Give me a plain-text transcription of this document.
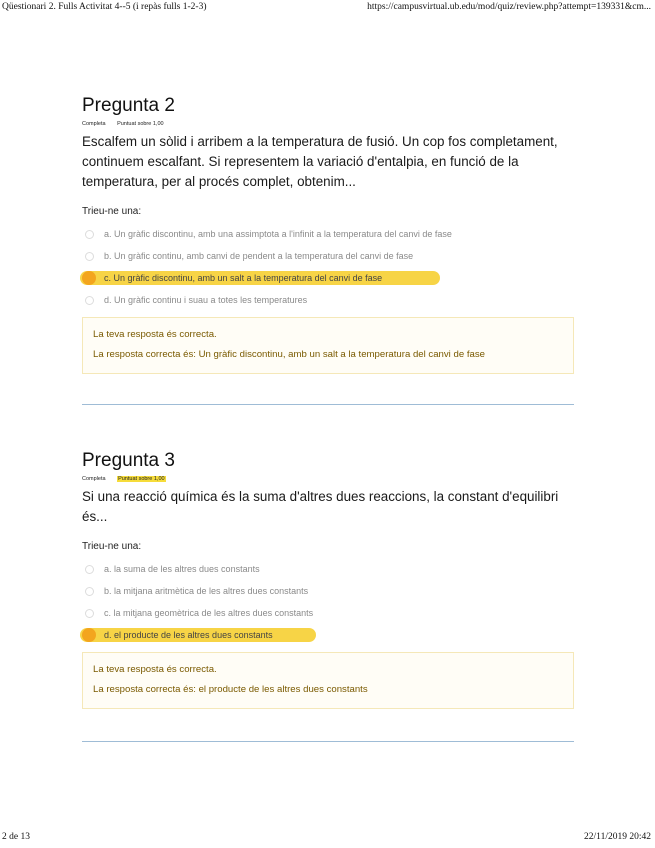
Qüestionari 2. Fulls Activitat 4--5 (i repàs fulls 1-2-3)	https://campusvirtual.ub.edu/mod/quiz/review.php?attempt=139331&cm...
Pregunta 2
Completa Puntuat sobre 1,00
Escalfem un sòlid i arribem a la temperatura de fusió. Un cop fos completament, continuem escalfant. Si representem la variació d'entalpia, en funció de la temperatura, per al procés complet, obtenim...
Trieu-ne una:
a. Un gràfic discontinu, amb una assimptota a l'infinit a la temperatura del canvi de fase
b. Un gràfic continu, amb canvi de pendent a la temperatura del canvi de fase
c. Un gràfic discontinu, amb un salt a la temperatura del canvi de fase
d. Un gràfic continu i suau a totes les temperatures
La teva resposta és correcta.
La resposta correcta és: Un gràfic discontinu, amb un salt a la temperatura del canvi de fase
Pregunta 3
Completa Puntuat sobre 1,00
Si una reacció química és la suma d'altres dues reaccions, la constant d'equilibri és...
Trieu-ne una:
a. la suma de les altres dues constants
b. la mitjana aritmètica de les altres dues constants
c. la mitjana geomètrica de les altres dues constants
d. el producte de les altres dues constants
La teva resposta és correcta.
La resposta correcta és: el producte de les altres dues constants
2 de 13	22/11/2019 20:42
